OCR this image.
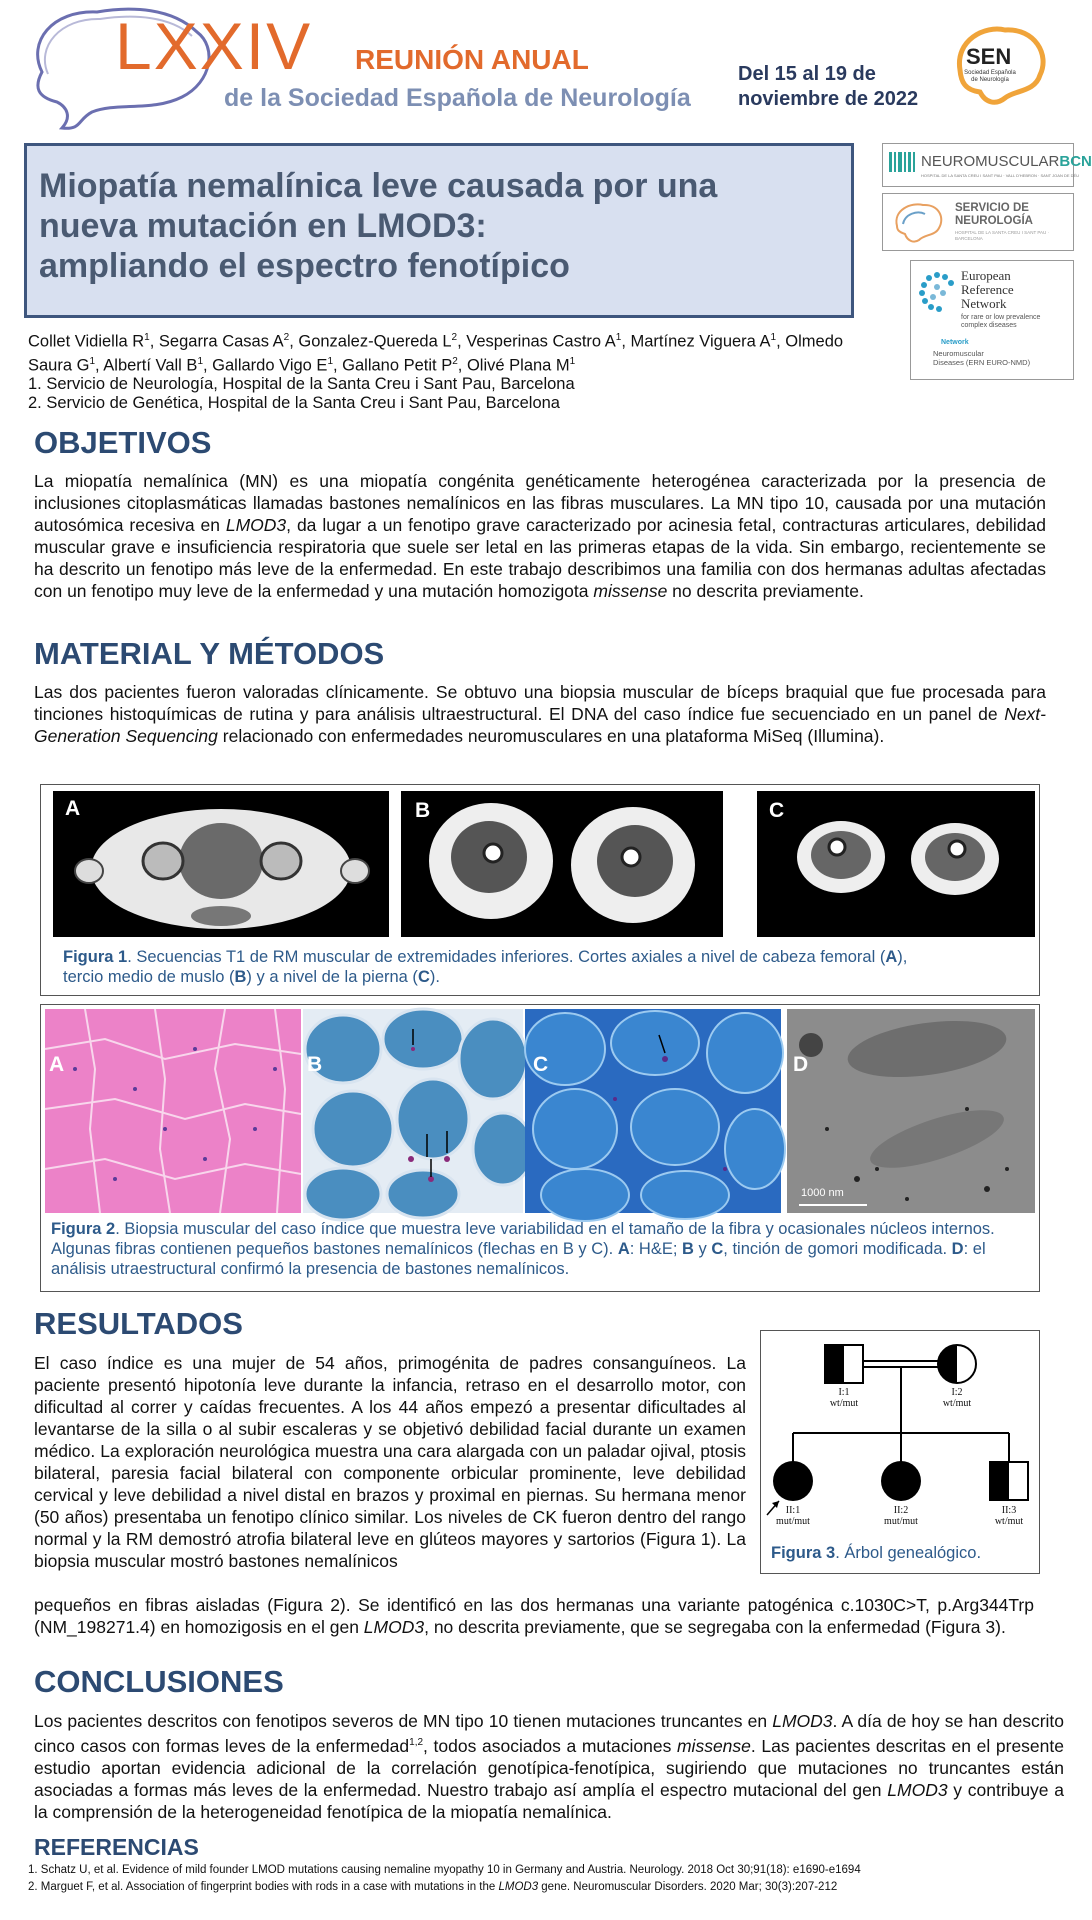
LXXIV REUNIÓN ANUAL
de la Sociedad Española de Neurología
Del 15 al 19 de
noviembre de 2022
SEN
Sociedad Española de Neurología
Miopatía nemalínica leve causada por una
nueva mutación en LMOD3:
ampliando el espectro fenotípico
NEUROMUSCULARBCN
HOSPITAL DE LA SANTA CREU I SANT PAU · VALL D'HEBRON · SANT JOAN DE DÉU
SERVICIO DE
NEUROLOGÍA
HOSPITAL DE LA SANTA CREU I SANT PAU · BARCELONA
European
Reference
Network
for rare or low prevalence
complex diseases
Network
Neuromuscular
Diseases (ERN EURO-NMD)
Collet Vidiella $R^1$, Segarra Casas $A^2$, Gonzalez-Quereda $L^2$, Vesperinas Castro $A^1$, Martínez Viguera $A^1$, Olmedo Saura $G^1$, Albertí Vall $B^1$, Gallardo Vigo $E^1$, Gallano Petit $P^2$, Olivé Plana $M^1$
1. Servicio de Neurología, Hospital de la Santa Creu i Sant Pau, Barcelona
2. Servicio de Genética, Hospital de la Santa Creu i Sant Pau, Barcelona
OBJETIVOS
La miopatía nemalínica (MN) es una miopatía congénita genéticamente heterogénea caracterizada por la presencia de inclusiones citoplasmáticas llamadas bastones nemalínicos en las fibras musculares. La MN tipo 10, causada por una mutación autosómica recesiva en LMOD3, da lugar a un fenotipo grave caracterizado por acinesia fetal, contracturas articulares, debilidad muscular grave e insuficiencia respiratoria que suele ser letal en las primeras etapas de la vida. Sin embargo, recientemente se ha descrito un fenotipo más leve de la enfermedad. En este trabajo describimos una familia con dos hermanas adultas afectadas con un fenotipo muy leve de la enfermedad y una mutación homozigota missense no descrita previamente.
MATERIAL Y MÉTODOS
Las dos pacientes fueron valoradas clínicamente. Se obtuvo una biopsia muscular de bíceps braquial que fue procesada para tinciones histoquímicas de rutina y para análisis ultraestructural. El DNA del caso índice fue secuenciado en un panel de Next-Generation Sequencing relacionado con enfermedades neuromusculares en una plataforma MiSeq (Illumina).
A	B	C
Figura 1. Secuencias T1 de RM muscular de extremidades inferiores. Cortes axiales a nivel de cabeza femoral (A),
tercio medio de muslo (B) y a nivel de la pierna (C).
A	B	C
1000 nm
D
Figura 2. Biopsia muscular del caso índice que muestra leve variabilidad en el tamaño de la fibra y ocasionales núcleos internos. Algunas fibras contienen pequeños bastones nemalínicos (flechas en B y C). A: H&E; B y C, tinción de gomori modificada. D: el análisis utraestructural confirmó la presencia de bastones nemalínicos.
RESULTADOS
El caso índice es una mujer de 54 años, primogénita de padres consanguíneos. La paciente presentó hipotonía leve durante la infancia, retraso en el desarrollo motor, con dificultad al correr y caídas frecuentes. A los 44 años empezó a presentar dificultades al levantarse de la silla o al subir escaleras y se objetivó debilidad facial durante un examen médico. La exploración neurológica muestra una cara alargada con un paladar ojival, ptosis bilateral, paresia facial bilateral con componente orbicular prominente, leve debilidad cervical y leve debilidad a nivel distal en brazos y proximal en piernas. Su hermana menor (50 años) presentaba un fenotipo clínico similar. Los niveles de CK fueron dentro del rango normal y la RM demostró atrofia bilateral leve en glúteos mayores y sartorios (Figura 1). La biopsia muscular mostró bastones nemalínicos
pequeños en fibras aisladas (Figura 2). Se identificó en las dos hermanas una variante patogénica c.1030C>T, p.Arg344Trp (NM_198271.4) en homozigosis en el gen LMOD3, no descrita previamente, que se segregaba con la enfermedad (Figura 3).
I:1
wt/mut
I:2
wt/mut
II:1
mut/mut
II:2
mut/mut
II:3
wt/mut
Figura 3. Árbol genealógico.
CONCLUSIONES
Los pacientes descritos con fenotipos severos de MN tipo 10 tienen mutaciones truncantes en LMOD3. A día de hoy se han descrito cinco casos con formas leves de la enfermedad$^{1,2}$, todos asociados a mutaciones missense. Las pacientes descritas en el presente estudio aportan evidencia adicional de la correlación genotípica-fenotípica, sugiriendo que mutaciones no truncantes están asociadas a formas más leves de la enfermedad. Nuestro trabajo así amplía el espectro mutacional del gen LMOD3 y contribuye a la comprensión de la heterogeneidad fenotípica de la miopatía nemalínica.
REFERENCIAS
1. Schatz U, et al. Evidence of mild founder LMOD mutations causing nemaline myopathy 10 in Germany and Austria. Neurology. 2018 Oct 30;91(18): e1690-e1694
2. Marguet F, et al. Association of fingerprint bodies with rods in a case with mutations in the LMOD3 gene. Neuromuscular Disorders. 2020 Mar; 30(3):207-212
